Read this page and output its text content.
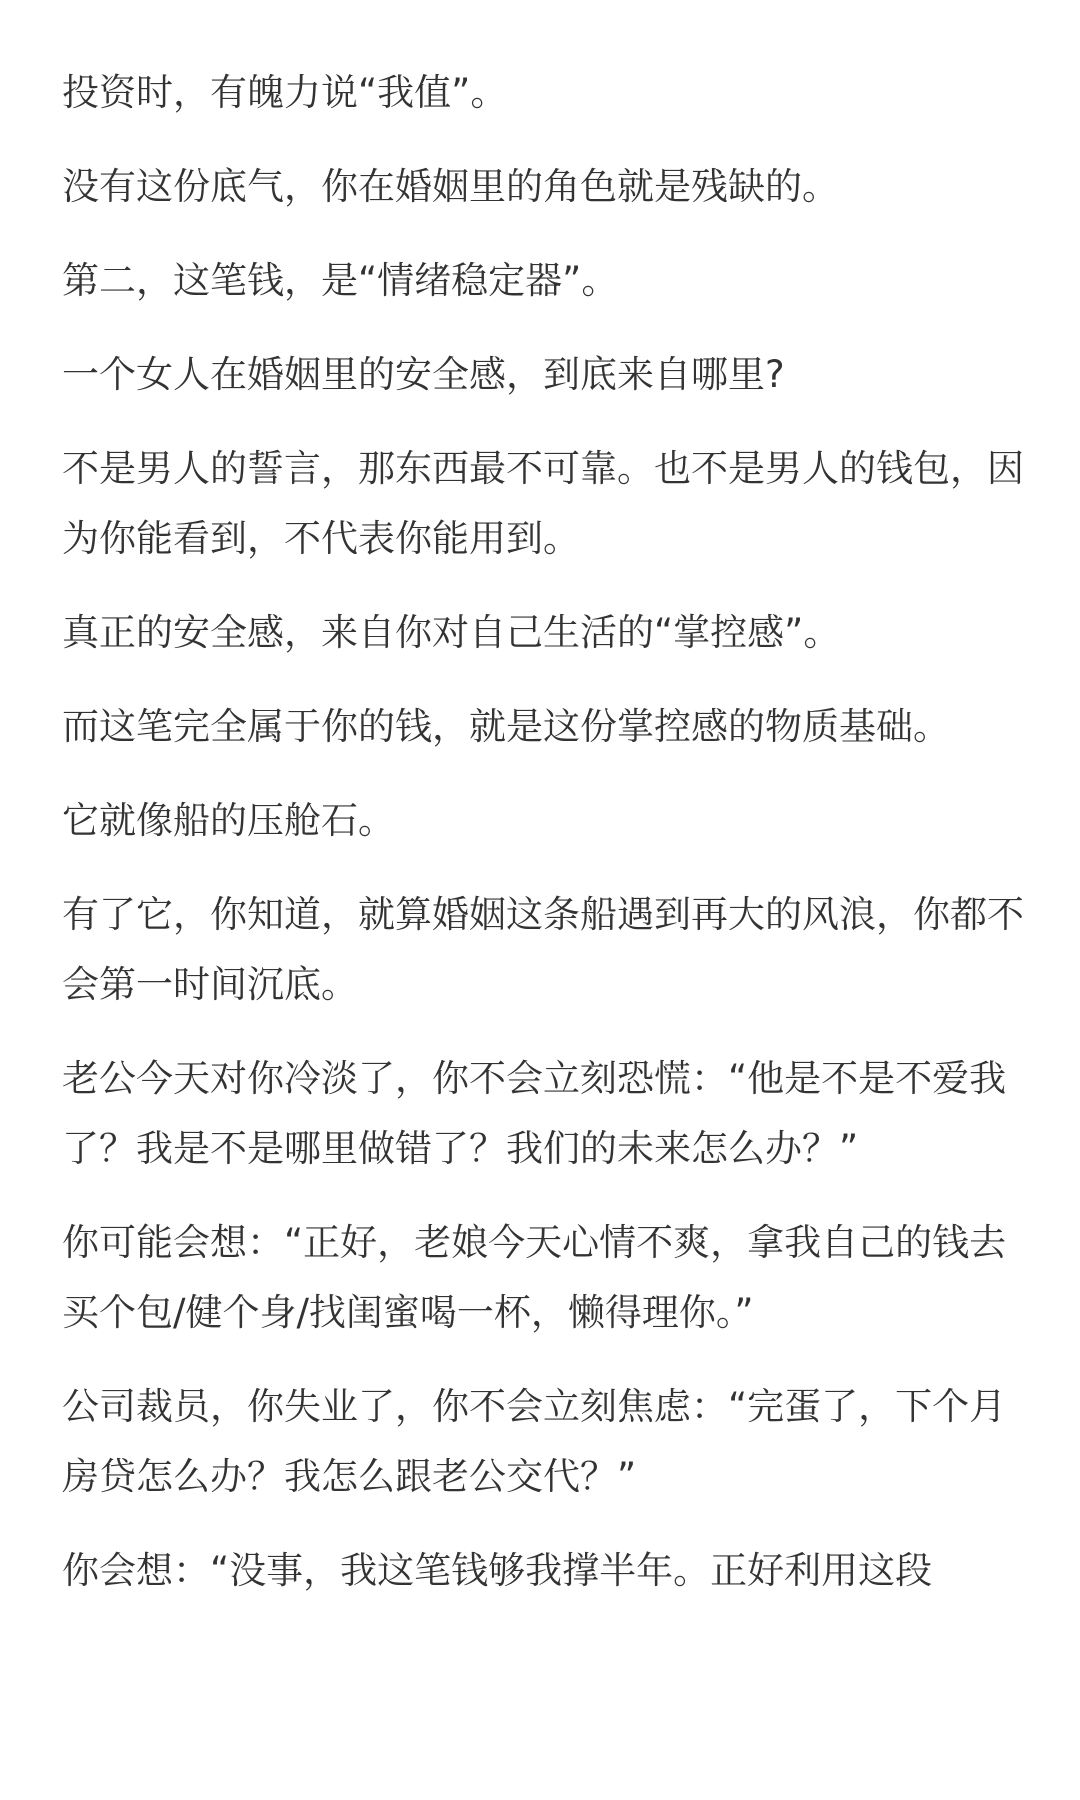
投资时，有魄力说“我值”。

没有这份底气，你在婚姻里的角色就是残缺的。

第二，这笔钱，是“情绪稳定器”。

一个女人在婚姻里的安全感，到底来自哪里?

不是男人的誓言，那东西最不可靠。也不是男人的钱包，因为你能看到，不代表你能用到。

真正的安全感，来自你对自己生活的“掌控感”。

而这笔完全属于你的钱，就是这份掌控感的物质基础。

它就像船的压舱石。

有了它，你知道，就算婚姻这条船遇到再大的风浪，你都不会第一时间沉底。

老公今天对你冷淡了，你不会立刻恐慌：“他是不是不爱我了？我是不是哪里做错了？我们的未来怎么办？”

你可能会想：“正好，老娘今天心情不爽，拿我自己的钱去买个包/健个身/找闺蜜喝一杯，懒得理你。”

公司裁员，你失业了，你不会立刻焦虑：“完蛋了，下个月房贷怎么办？我怎么跟老公交代？”

你会想：“没事，我这笔钱够我撑半年。正好利用这段
